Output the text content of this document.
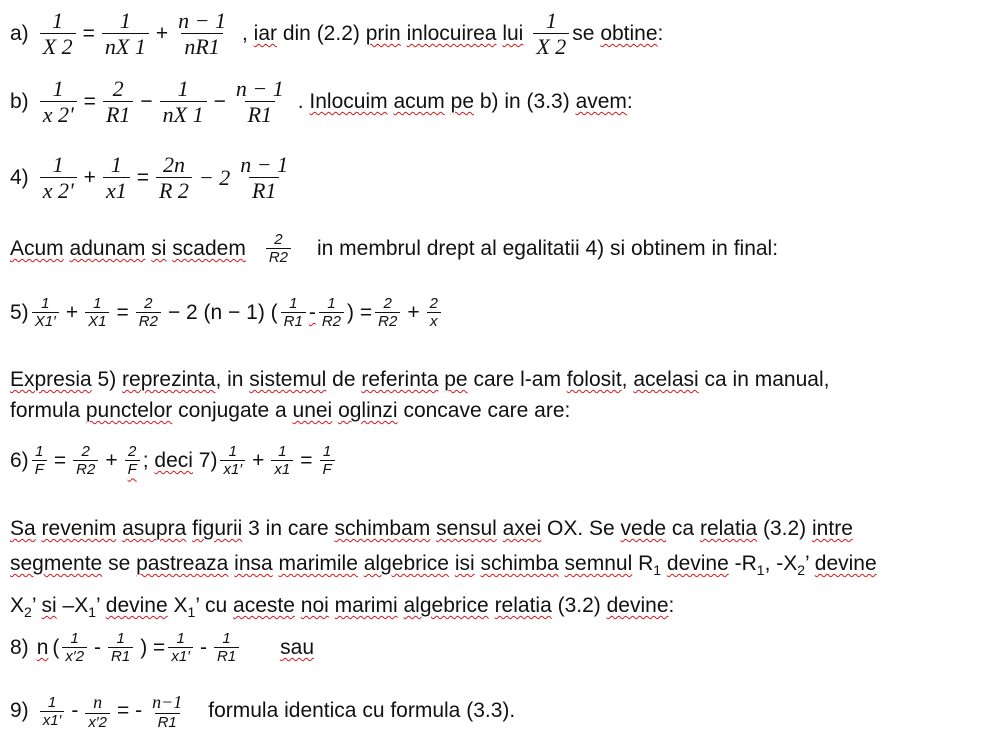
$a) \frac{1}{X 2} = \frac{1}{nX 1} + \frac{n - 1}{nR1}$ , iar din (2.2) prin inlocuirea lui
1
X 2
se obtine:
$b) \frac{1}{x 2'} = \frac{2}{R1} - \frac{1}{nX 1} - \frac{n - 1}{R1}$ . Inlocuim acum pe b) in (3.3) avem:
4)
1
x 2'
+ $\frac{1}{x1} = \frac{2n}{R 2} - 2$
n − 1
R1
Acum adunam si scadem 2
R2 in membrul drept al egalitatii 4) si obtinem in final:
5) 1
$X1' + \frac{1}{X1} = \frac{2}{R2} - 2$ (n − 1) ( 1
R1 - 1
R2 ) = $\frac{2}{R2} + \frac{2}{x}$
Expresia 5) reprezinta, in sistemul de referinta pe care l-am folosit, acelasi ca in manual,
formula punctelor conjugate a unei oglinzi concave care are:
$6) \frac{1}{F} = \frac{2}{R2} + \frac{2}{F}$ ; deci 7) 1
$x1' + \frac{1}{x1} = \frac{1}{F}$
Sa revenim asupra figurii 3 in care schimbam sensul axei OX. Se vede ca relatia (3.2) intre
segmente se pastreaza insa marimile algebrice isi schimba semnul $R_1$ devine $-R_1$, $-X_2$’ devine
$X_2$’ si $-X_1$’ devine $X_1$’ cu aceste noi marimi algebrice relatia (3.2) devine:
8) n ( 1
x′2 - 1
R1 ) = $\frac{1}{x1'} - 1$
R1 sau
9) 1
x1′ - n
x′2 = - n−1
R1 formula identica cu formula (3.3).
